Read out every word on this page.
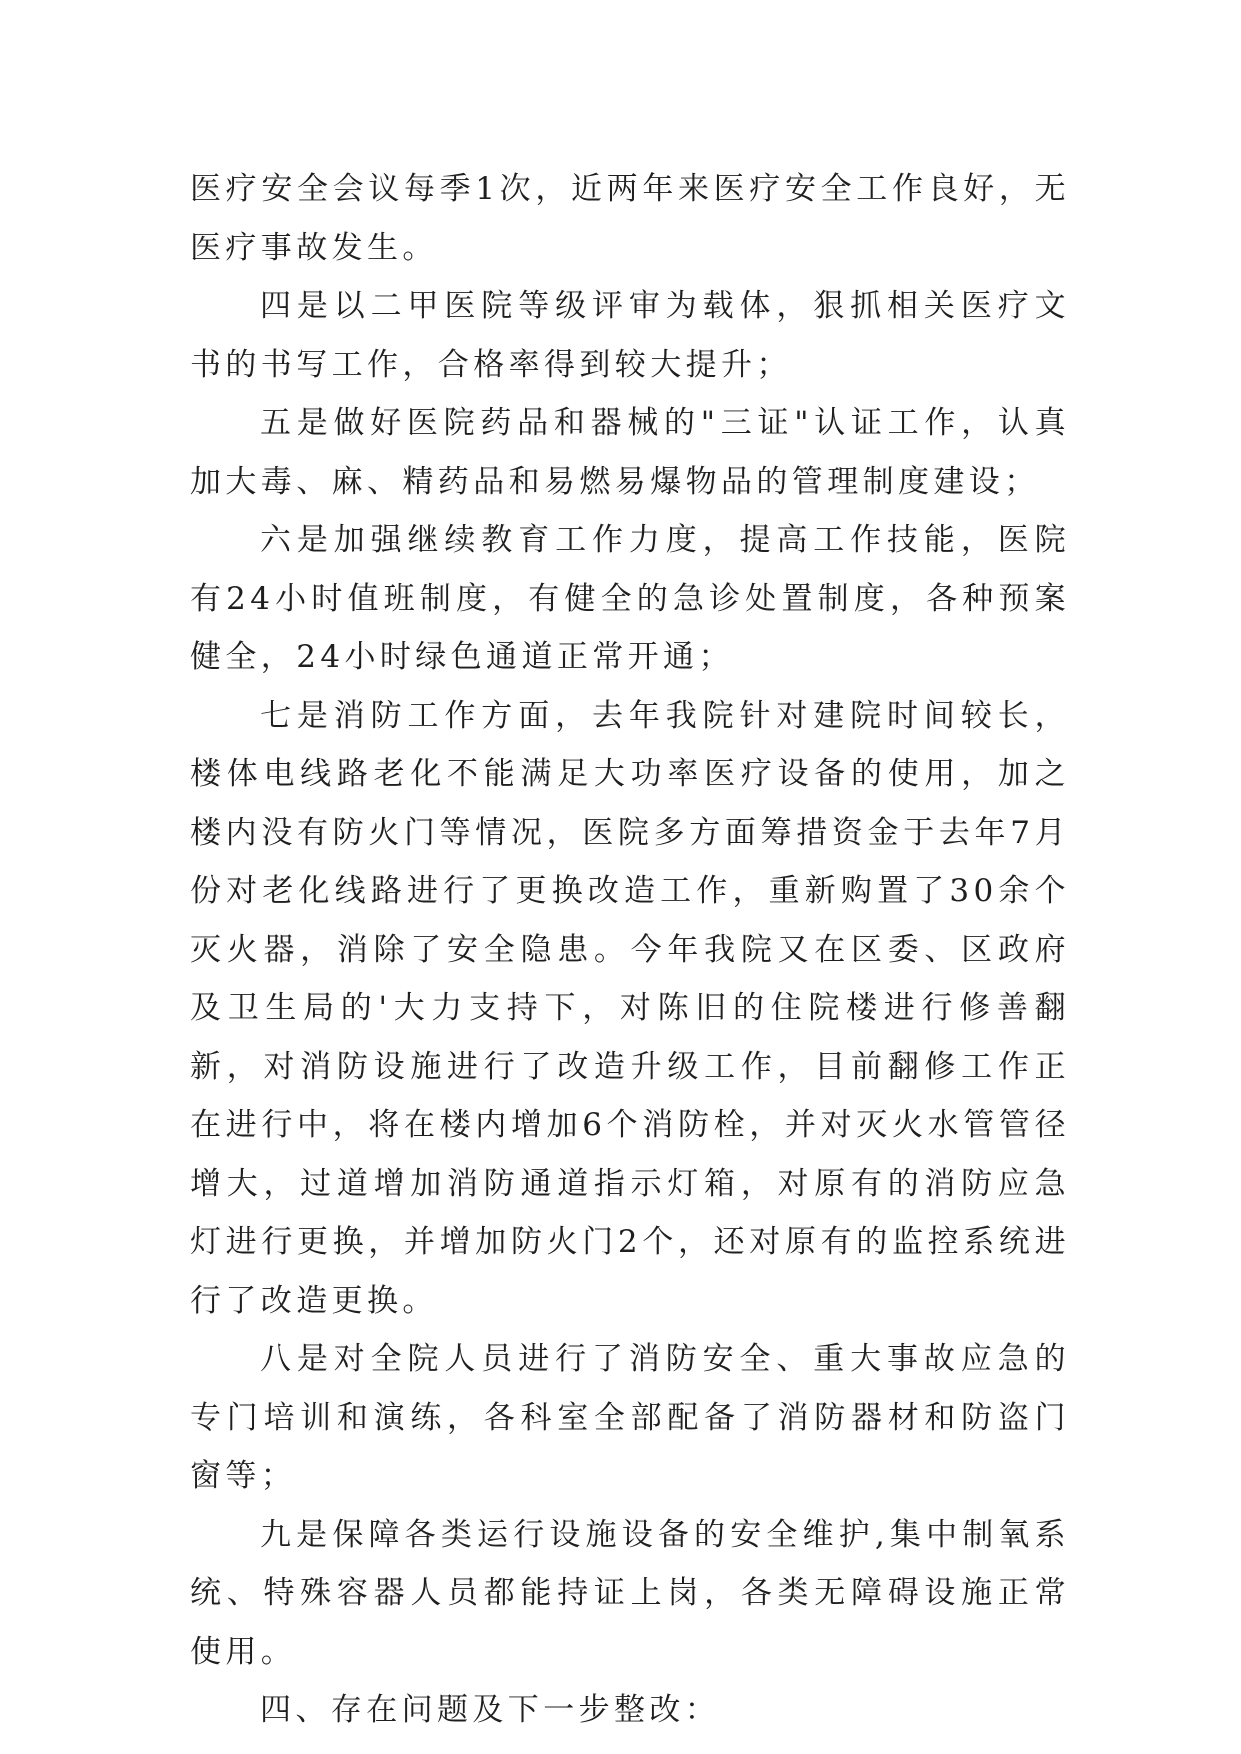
医疗安全会议每季1次，近两年来医疗安全工作良好，无医疗事故发生。

四是以二甲医院等级评审为载体，狠抓相关医疗文书的书写工作，合格率得到较大提升；

五是做好医院药品和器械的"三证"认证工作，认真加大毒、麻、精药品和易燃易爆物品的管理制度建设；

六是加强继续教育工作力度，提高工作技能，医院有24小时值班制度，有健全的急诊处置制度，各种预案健全，24小时绿色通道正常开通；

七是消防工作方面，去年我院针对建院时间较长，楼体电线路老化不能满足大功率医疗设备的使用，加之楼内没有防火门等情况，医院多方面筹措资金于去年7月份对老化线路进行了更换改造工作，重新购置了30余个灭火器，消除了安全隐患。今年我院又在区委、区政府及卫生局的'大力支持下，对陈旧的住院楼进行修善翻新，对消防设施进行了改造升级工作，目前翻修工作正在进行中，将在楼内增加6个消防栓，并对灭火水管管径增大，过道增加消防通道指示灯箱，对原有的消防应急灯进行更换，并增加防火门2个，还对原有的监控系统进行了改造更换。

八是对全院人员进行了消防安全、重大事故应急的专门培训和演练，各科室全部配备了消防器材和防盗门窗等；

九是保障各类运行设施设备的安全维护,集中制氧系统、特殊容器人员都能持证上岗，各类无障碍设施正常使用。

四、存在问题及下一步整改：
